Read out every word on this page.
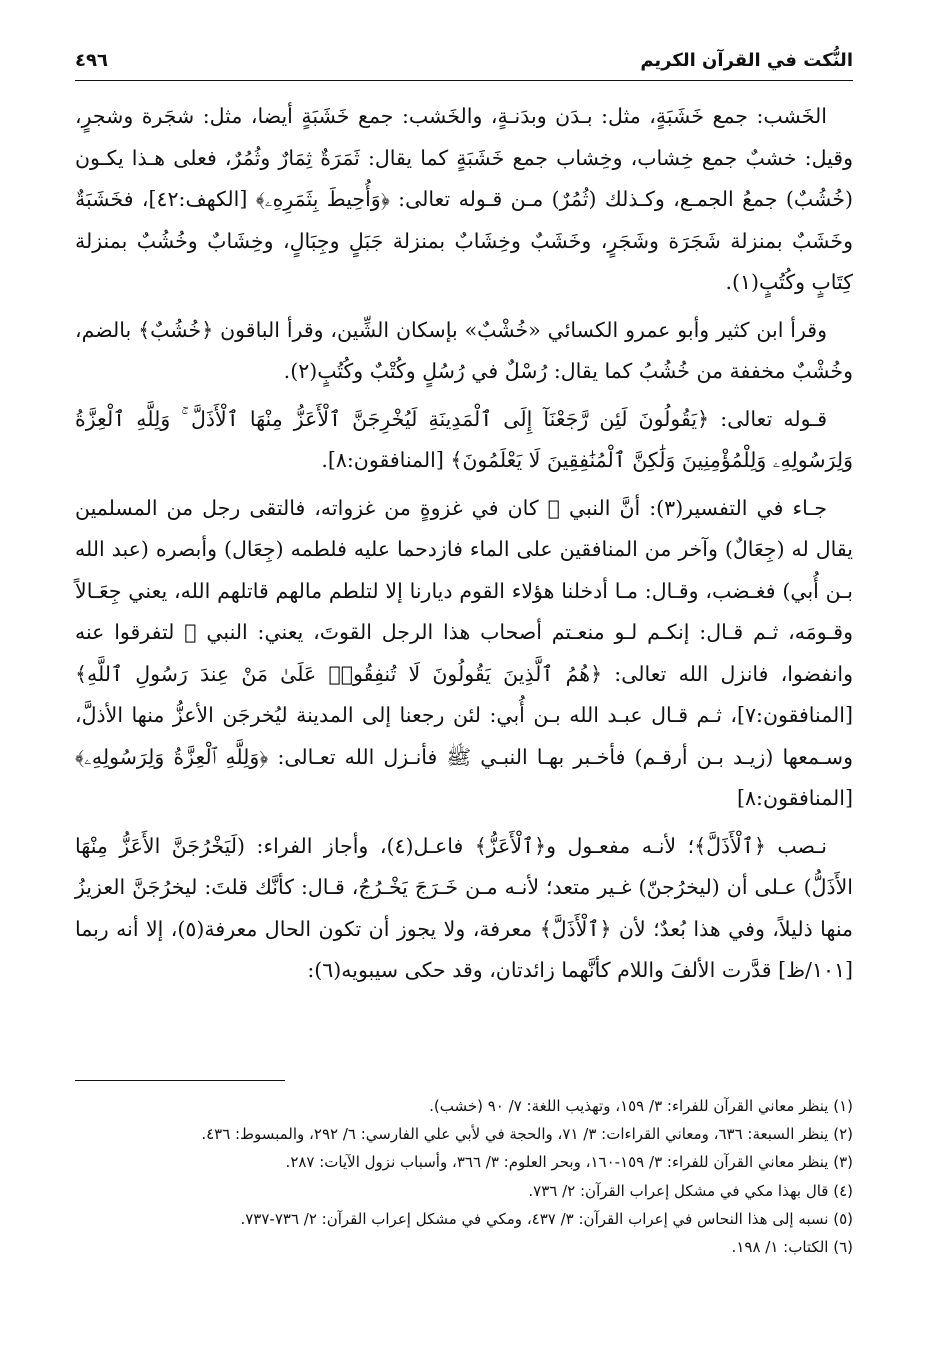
النُّكت في القرآن الكريم
٤٩٦

الخَشب: جمع خَشَبَةٍ، مثل: بـدَن وبدَنـةٍ، والخَشب: جمع خَشَبَةٍ أيضا، مثل: شجَرة وشجرٍ، وقيل: خشبٌ جمع خِشاب، وخِشاب جمع خَشَبَةٍ كما يقال: ثَمَرَةٌ ثِمَارٌ وثُمُرٌ، فعلى هـذا يكـون (خُشُبٌ) جمعُ الجمـع، وكـذلك (ثُمُرٌ) مـن قـوله تعالى: ﴿وَأُحِيطَ بِثَمَرِهِۦ﴾ [الكهف:٤٢]، فخَشَبَةٌ وخَشَبٌ بمنزلة شَجَرَة وشَجَرٍ، وخَشَبٌ وخِشَابٌ بمنزلة جَبَلٍ وجِبَالٍ، وخِشَابٌ وخُشُبٌ بمنزلة كِتَابٍ وكُتُبٍ(١).

وقرأ ابن كثير وأبو عمرو الكسائي «خُشْبٌ» بإسكان الشِّين، وقرأ الباقون ﴿خُشُبٌ﴾ بالضم، وخُشْبٌ مخففة من خُشُبُ كما يقال: رُسْلٌ في رُسُلٍ وكُتْبٌ وكُتُبٍ(٢).

قـوله تعالى: ﴿يَقُولُونَ لَئِن رَّجَعْنَآ إِلَى ٱلْمَدِينَةِ لَيُخْرِجَنَّ ٱلْأَعَزُّ مِنْهَا ٱلْأَذَلَّ ۚ وَلِلَّهِ ٱلْعِزَّةُ وَلِرَسُولِهِۦ وَلِلْمُؤْمِنِينَ وَلَٰكِنَّ ٱلْمُنَٰفِقِينَ لَا يَعْلَمُونَ﴾ [المنافقون:٨].

جـاء في التفسير(٣): أنَّ النبي ﷺ كان في غزوةٍ من غزواته، فالتقى رجل من المسلمين يقال له (جِعَالٌ) وآخر من المنافقين على الماء فازدحما عليه فلطمه (جِعَال) وأبصره (عبد الله بـن أُبي) فغـضب، وقـال: مـا أدخلنا هؤلاء القوم ديارنا إلا لتلطم مالهم قاتلهم الله، يعني جِعَـالاً وقـومَه، ثـم قـال: إنكـم لـو منعـتم أصحاب هذا الرجل القوتَ، يعني: النبي ﷺ لتفرقوا عنه وانفضوا، فانزل الله تعالى: ﴿هُمُ ٱلَّذِينَ يَقُولُونَ لَا تُنفِقُوا۟ عَلَىٰ مَنْ عِندَ رَسُولِ ٱللَّهِ﴾ [المنافقون:٧]، ثـم قـال عبـد الله بـن أُبي: لئن رجعنا إلى المدينة ليُخرجَن الأعزُّ منها الأذلَّ، وسـمعها (زيـد بـن أرقـم) فأخـبر بهـا النبـي ﷺ فأنـزل الله تعـالى: ﴿وَلِلَّهِ ٱلْعِزَّةُ وَلِرَسُولِهِۦ﴾ [المنافقون:٨]

نـصب ﴿ٱلْأَذَلَّ﴾؛ لأنـه مفعـول و﴿ٱلْأَعَزُّ﴾ فاعـل(٤)، وأجاز الفراء: (لَيَخْرُجَنَّ الأَعَزُّ مِنْهَا الأَذَلُّ) عـلى أن (ليخرُجنّ) غـير متعد؛ لأنـه مـن خَـرَجَ يَخْـرُجُ، قـال: كأنَّك قلتَ: ليخرُجَنَّ العزيزُ منها ذليلاً، وفي هذا بُعدٌ؛ لأن ﴿ٱلْأَذَلَّ﴾ معرفة، ولا يجوز أن تكون الحال معرفة(٥)، إلا أنه ربما [١٠١/ظ] قدَّرت الألفَ واللام كأنَّهما زائدتان، وقد حكى سيبويه(٦):

(١) ينظر معاني القرآن للفراء: ٣/ ١٥٩، وتهذيب اللغة: ٧/ ٩٠ (خشب).
(٢) ينظر السبعة: ٦٣٦، ومعاني القراءات: ٣/ ٧١، والحجة في لأبي علي الفارسي: ٦/ ٢٩٢، والمبسوط: ٤٣٦.
(٣) ينظر معاني القرآن للفراء: ٣/ ١٥٩-١٦٠، وبحر العلوم: ٣/ ٣٦٦، وأسباب نزول الآيات: ٢٨٧.
(٤) قال بهذا مكي في مشكل إعراب القرآن: ٢/ ٧٣٦.
(٥) نسبه إلى هذا النحاس في إعراب القرآن: ٣/ ٤٣٧، ومكي في مشكل إعراب القرآن: ٢/ ٧٣٦-٧٣٧.
(٦) الكتاب: ١/ ١٩٨.
